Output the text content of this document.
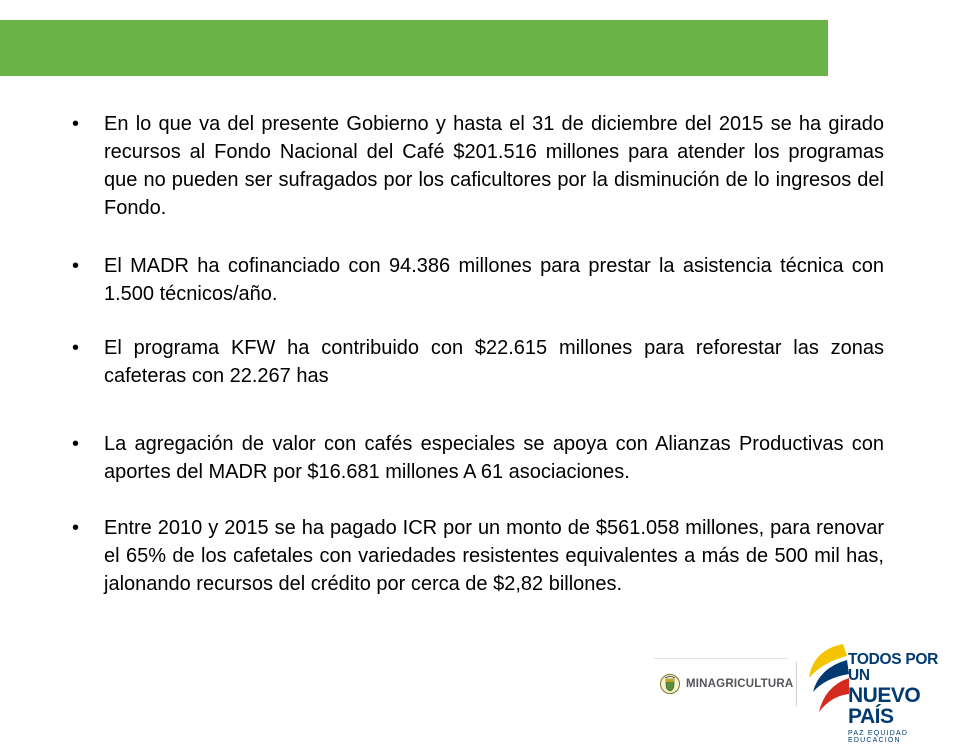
•	En lo que va del presente Gobierno y hasta el 31 de diciembre del 2015 se ha girado recursos al Fondo Nacional del Café $201.516 millones para atender los programas que no pueden ser sufragados por los caficultores por la disminución de lo ingresos del Fondo.
•	El MADR ha cofinanciado con 94.386 millones para prestar la asistencia técnica con 1.500 técnicos/año.
•	El programa KFW ha contribuido con $22.615 millones para reforestar las zonas cafeteras con 22.267 has
•	La agregación de valor con cafés especiales se apoya con Alianzas Productivas con aportes del MADR por $16.681 millones A 61 asociaciones.
•	Entre 2010 y 2015 se ha pagado ICR por un monto de $561.058 millones, para renovar el 65% de los cafetales con variedades resistentes equivalentes a más de 500 mil has, jalonando recursos del crédito por cerca de $2,82 billones.
MINAGRICULTURA
TODOS POR UN
NUEVO PAÍS
PAZ EQUIDAD EDUCACIÓN
